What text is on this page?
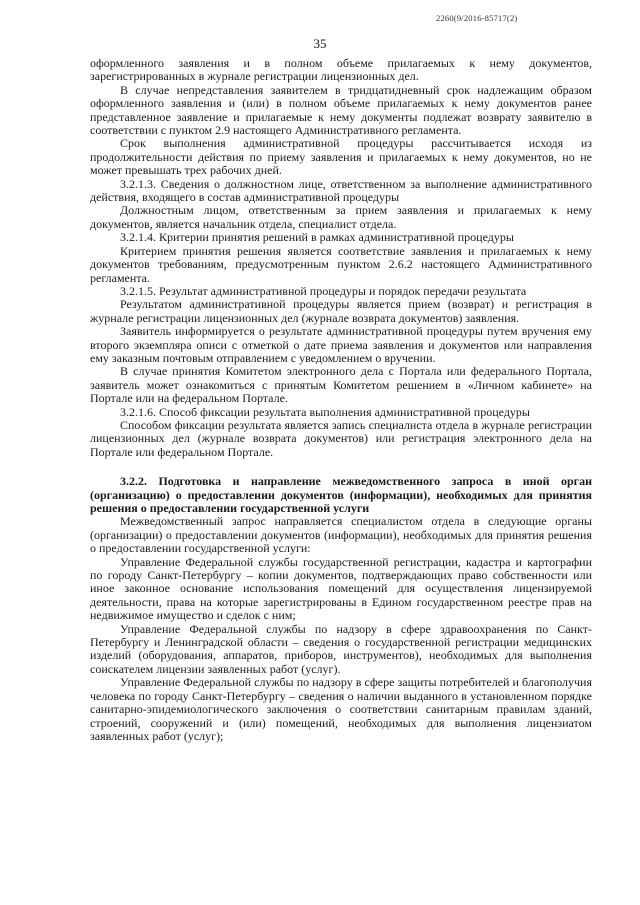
2260(9/2016-85717(2)
35

оформленного заявления и в полном объеме прилагаемых к нему документов, зарегистрированных в журнале регистрации лицензионных дел.

В случае непредставления заявителем в тридцатидневный срок надлежащим образом оформленного заявления и (или) в полном объеме прилагаемых к нему документов ранее представленное заявление и прилагаемые к нему документы подлежат возврату заявителю в соответствии с пунктом 2.9 настоящего Административного регламента.

Срок выполнения административной процедуры рассчитывается исходя из продолжительности действия по приему заявления и прилагаемых к нему документов, но не может превышать трех рабочих дней.

3.2.1.3. Сведения о должностном лице, ответственном за выполнение административного действия, входящего в состав административной процедуры

Должностным лицом, ответственным за прием заявления и прилагаемых к нему документов, является начальник отдела, специалист отдела.

3.2.1.4. Критерии принятия решений в рамках административной процедуры

Критерием принятия решения является соответствие заявления и прилагаемых к нему документов требованиям, предусмотренным пунктом 2.6.2 настоящего Административного регламента.

3.2.1.5. Результат административной процедуры и порядок передачи результата

Результатом административной процедуры является прием (возврат) и регистрация в журнале регистрации лицензионных дел (журнале возврата документов) заявления.

Заявитель информируется о результате административной процедуры путем вручения ему второго экземпляра описи с отметкой о дате приема заявления и документов или направления ему заказным почтовым отправлением с уведомлением о вручении.

В случае принятия Комитетом электронного дела с Портала или федерального Портала, заявитель может ознакомиться с принятым Комитетом решением в «Личном кабинете» на Портале или на федеральном Портале.

3.2.1.6. Способ фиксации результата выполнения административной процедуры

Способом фиксации результата является запись специалиста отдела в журнале регистрации лицензионных дел (журнале возврата документов) или регистрация электронного дела на Портале или федеральном Портале.

3.2.2. Подготовка и направление межведомственного запроса в иной орган (организацию) о предоставлении документов (информации), необходимых для принятия решения о предоставлении государственной услуги

Межведомственный запрос направляется специалистом отдела в следующие органы (организации) о предоставлении документов (информации), необходимых для принятия решения о предоставлении государственной услуги:

Управление Федеральной службы государственной регистрации, кадастра и картографии по городу Санкт-Петербургу – копии документов, подтверждающих право собственности или иное законное основание использования помещений для осуществления лицензируемой деятельности, права на которые зарегистрированы в Едином государственном реестре прав на недвижимое имущество и сделок с ним;

Управление Федеральной службы по надзору в сфере здравоохранения по Санкт-Петербургу и Ленинградской области – сведения о государственной регистрации медицинских изделий (оборудования, аппаратов, приборов, инструментов), необходимых для выполнения соискателем лицензии заявленных работ (услуг).

Управление Федеральной службы по надзору в сфере защиты потребителей и благополучия человека по городу Санкт-Петербургу – сведения о наличии выданного в установленном порядке санитарно-эпидемиологического заключения о соответствии санитарным правилам зданий, строений, сооружений и (или) помещений, необходимых для выполнения лицензиатом заявленных работ (услуг);
